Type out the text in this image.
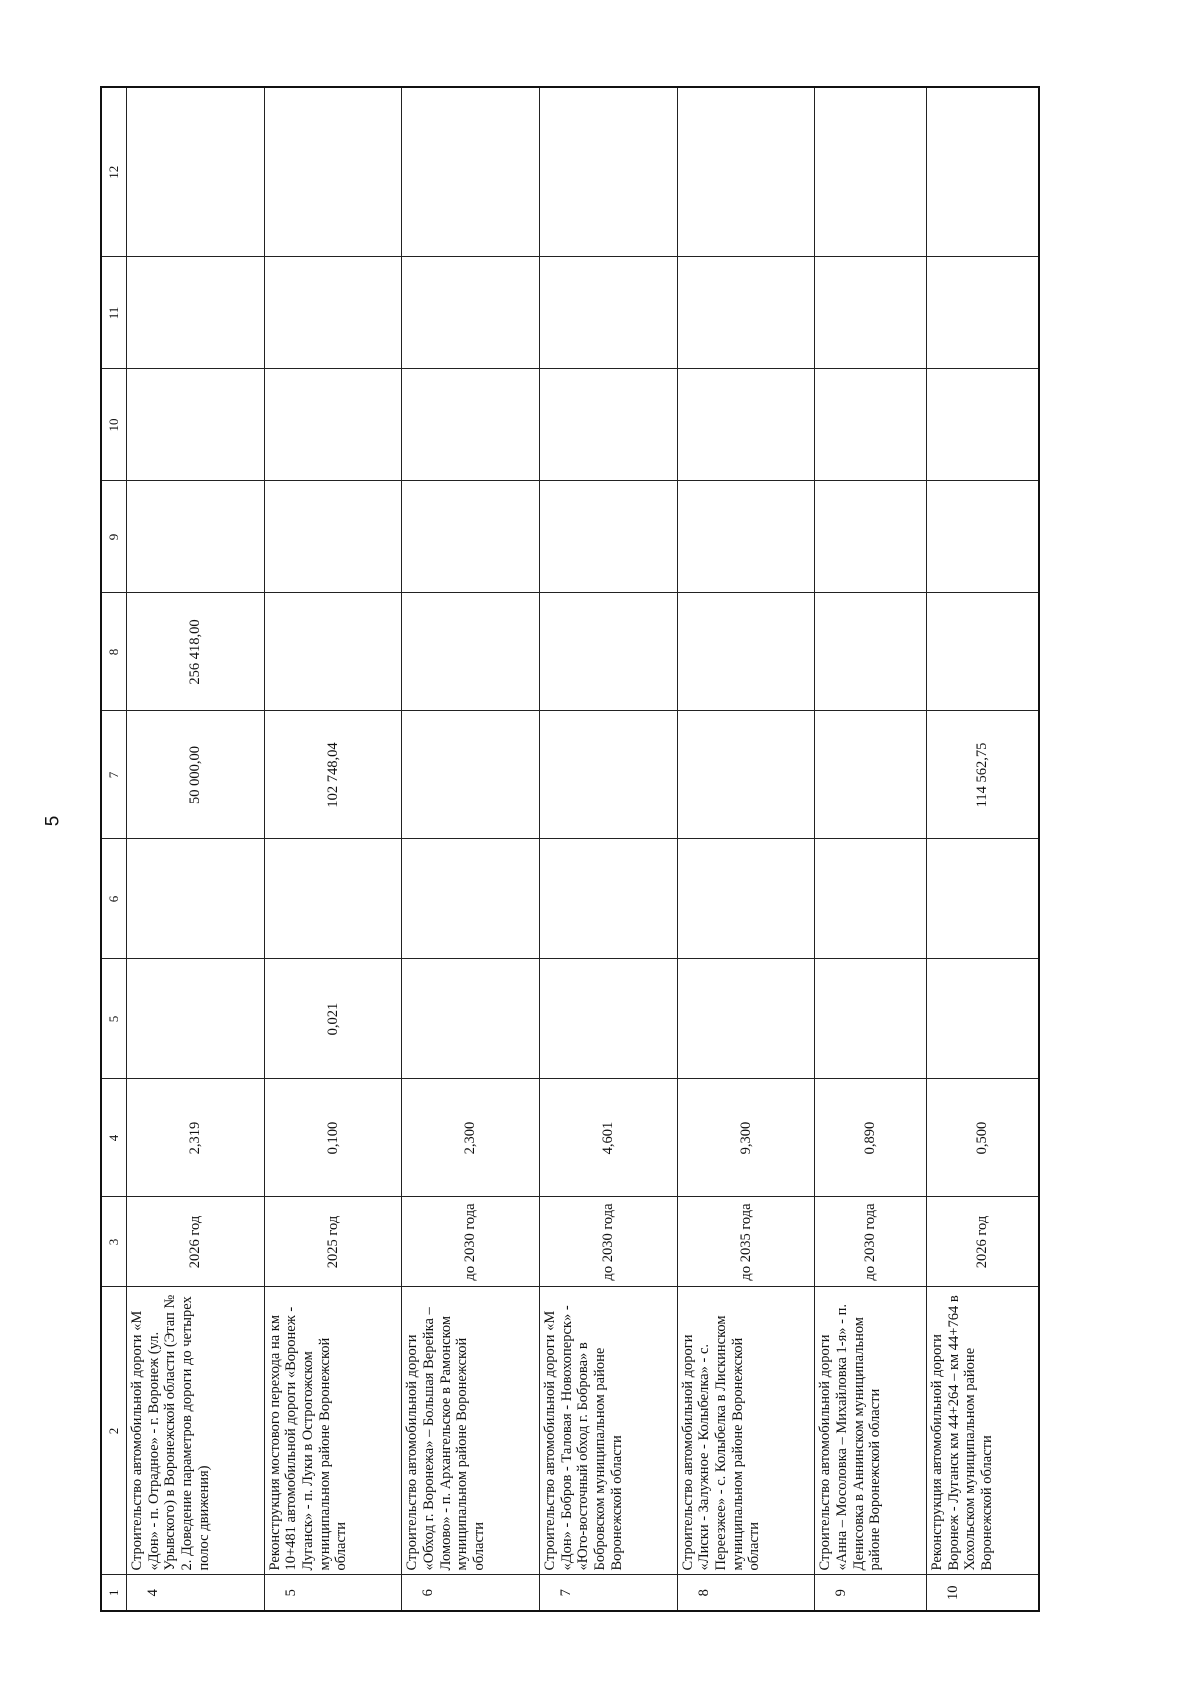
5
1	2	3	4	5	6	7	8	9	10	11	12
4	Строительство автомобильной дороги «М «Дон» - п. Отрадное» - г. Воронеж (ул. Урывского) в Воронежской области (Этап № 2. Доведение параметров дороги до четырех полос движения)	2026 год	2,319			50 000,00	256 418,00				
5	Реконструкция мостового перехода на км 10+481 автомобильной дороги «Воронеж - Луганск» - п. Луки в Острогожском муниципальном районе Воронежской области	2025 год	0,100	0,021		102 748,04					
6	Строительство автомобильной дороги «Обход г. Воронежа» – Большая Верейка – Ломово» - п. Архангельское в Рамонском муниципальном районе Воронежской области	до 2030 года	2,300								
7	Строительство автомобильной дороги «М «Дон» - Бобров - Таловая - Новохоперск» - «Юго-восточный обход г. Боброва» в Бобровском муниципальном районе Воронежской области	до 2030 года	4,601								
8	Строительство автомобильной дороги «Лиски - Залужное - Колыбелка» - с. Переезжее» - с. Колыбелка в Лискинском муниципальном районе Воронежской области	до 2035 года	9,300								
9	Строительство автомобильной дороги «Анна – Мосоловка – Михайловка 1-я» - п. Денисовка в Аннинском муниципальном районе Воронежской области	до 2030 года	0,890								
10	Реконструкция автомобильной дороги Воронеж - Луганск км 44+264 – км 44+764 в Хохольском муниципальном районе Воронежской области	2026 год	0,500			114 562,75					
